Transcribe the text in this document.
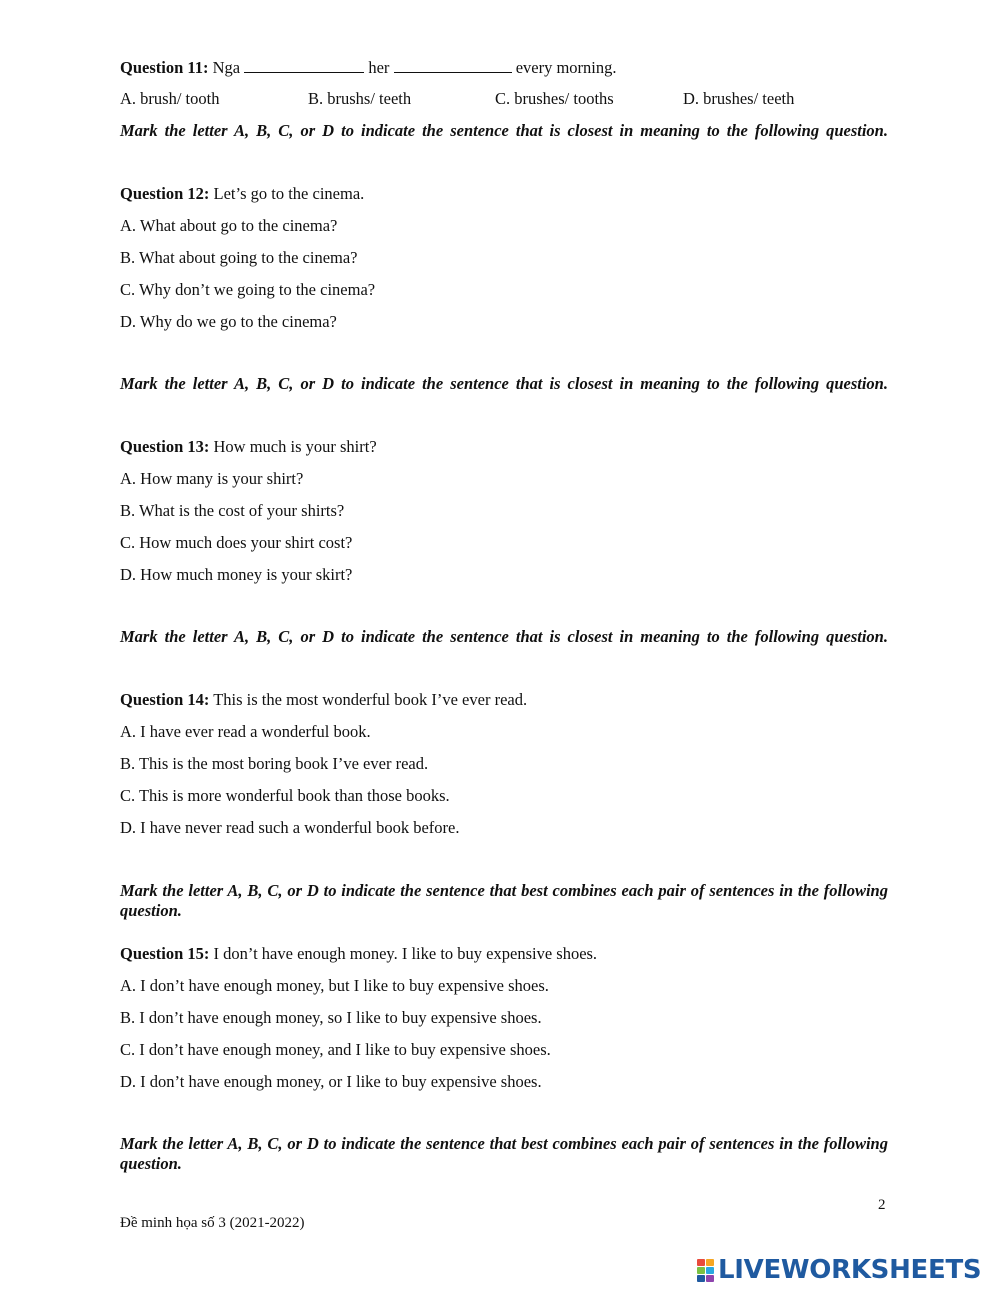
Question 11: Nga	her	every morning.
A. brush/ tooth	B. brushs/ teeth	C. brushes/ tooths	D. brushes/ teeth
Mark the letter A, B, C, or D to indicate the sentence that is closest in meaning to the following question.
Question 12: Let’s go to the cinema.
A. What about go to the cinema?
B. What about going to the cinema?
C. Why don’t we going to the cinema?
D. Why do we go to the cinema?
Mark the letter A, B, C, or D to indicate the sentence that is closest in meaning to the following question.
Question 13: How much is your shirt?
A. How many is your shirt?
B. What is the cost of your shirts?
C. How much does your shirt cost?
D. How much money is your skirt?
Mark the letter A, B, C, or D to indicate the sentence that is closest in meaning to the following question.
Question 14: This is the most wonderful book I’ve ever read.
A. I have ever read a wonderful book.
B. This is the most boring book I’ve ever read.
C. This is more wonderful book than those books.
D. I have never read such a wonderful book before.
Mark the letter A, B, C, or D to indicate the sentence that best combines each pair of sentences in the following question.
Question 15: I don’t have enough money. I like to buy expensive shoes.
A. I don’t have enough money, but I like to buy expensive shoes.
B. I don’t have enough money, so I like to buy expensive shoes.
C. I don’t have enough money, and I like to buy expensive shoes.
D. I don’t have enough money, or I like to buy expensive shoes.
Mark the letter A, B, C, or D to indicate the sentence that best combines each pair of sentences in the following question.
2
Đề minh họa số 3 (2021-2022)
LIVEWORKSHEETS
